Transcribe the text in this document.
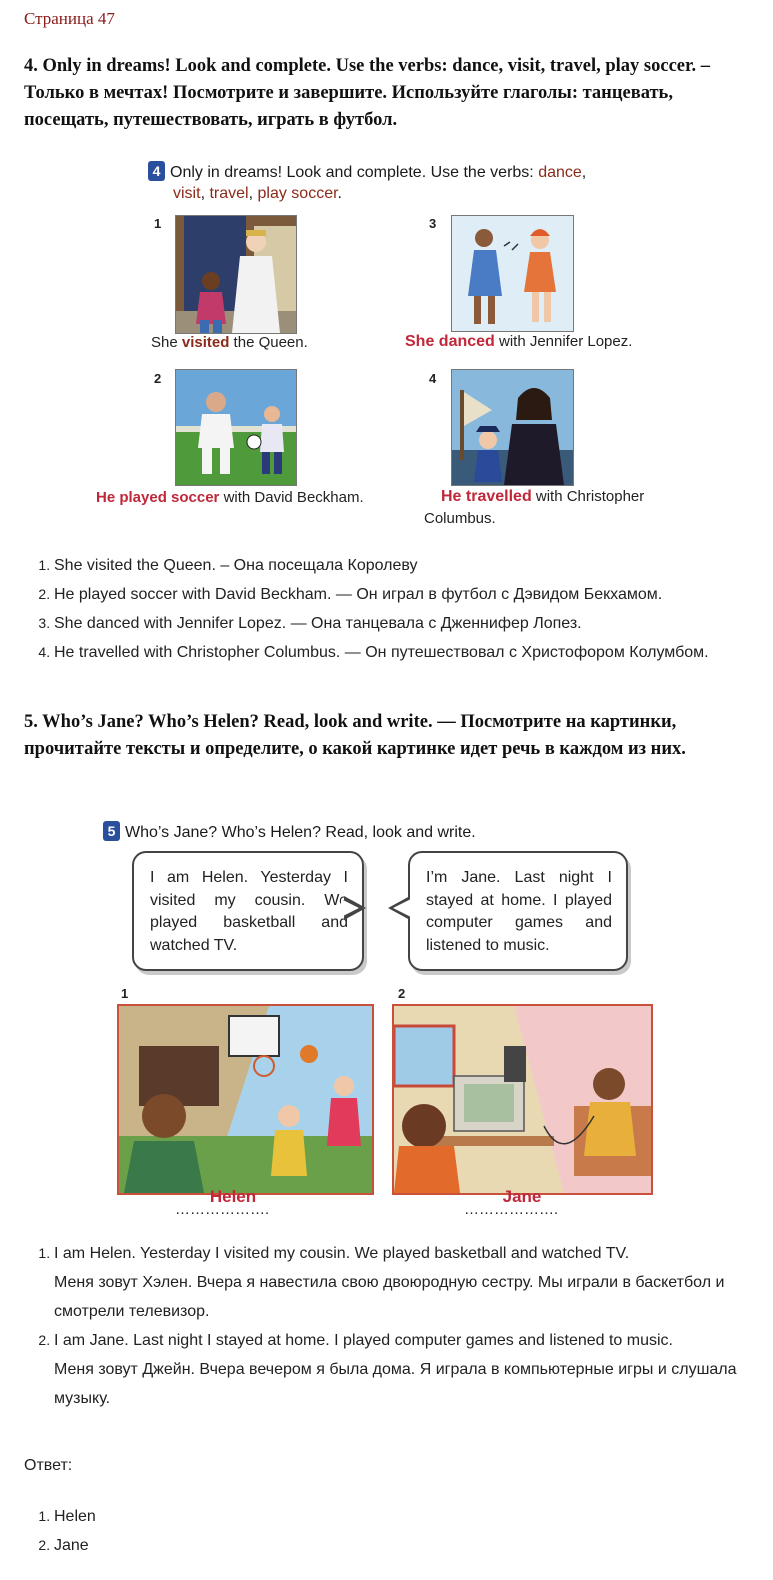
Страница 47

4. Only in dreams! Look and complete. Use the verbs: dance, visit, travel, play soccer. – Только в мечтах! Посмотрите и завершите. Используйте глаголы: танцевать, посещать, путешествовать, играть в футбол.

4 Only in dreams! Look and complete. Use the verbs: dance,
visit, travel, play soccer.
1
She visited the Queen.
2
He played soccer with David Beckham.
3
She danced with Jennifer Lopez.
4
He travelled with Christopher
Columbus.
1. She visited the Queen. – Она посещала Королеву
2. He played soccer with David Beckham. — Он играл в футбол с Дэвидом Бекхамом.
3. She danced with Jennifer Lopez. — Она танцевала с Дженнифер Лопез.
4. He travelled with Christopher Columbus. — Он путешествовал с Христофором Колумбом.

5. Who’s Jane? Who’s Helen? Read, look and write. — Посмотрите на картинки, прочитайте тексты и определите, о какой картинке идет речь в каждом из них.

5 Who’s Jane? Who’s Helen? Read, look and write.
I am Helen. Yesterday I visited my cousin. We played basketball and watched TV.
I’m Jane. Last night I stayed at home. I played computer games and listened to music.
1
……………….
Helen
2
……………….
Jane
1. I am Helen. Yesterday I visited my cousin. We played basketball and watched TV.
Меня зовут Хэлен. Вчера я навестила свою двоюродную сестру. Мы играли в баскетбол и смотрели телевизор.
2. I am Jane. Last night I stayed at home. I played computer games and listened to music.
Меня зовут Джейн. Вчера вечером я была дома. Я играла в компьютерные игры и слушала музыку.
Ответ:
1. Helen
2. Jane
